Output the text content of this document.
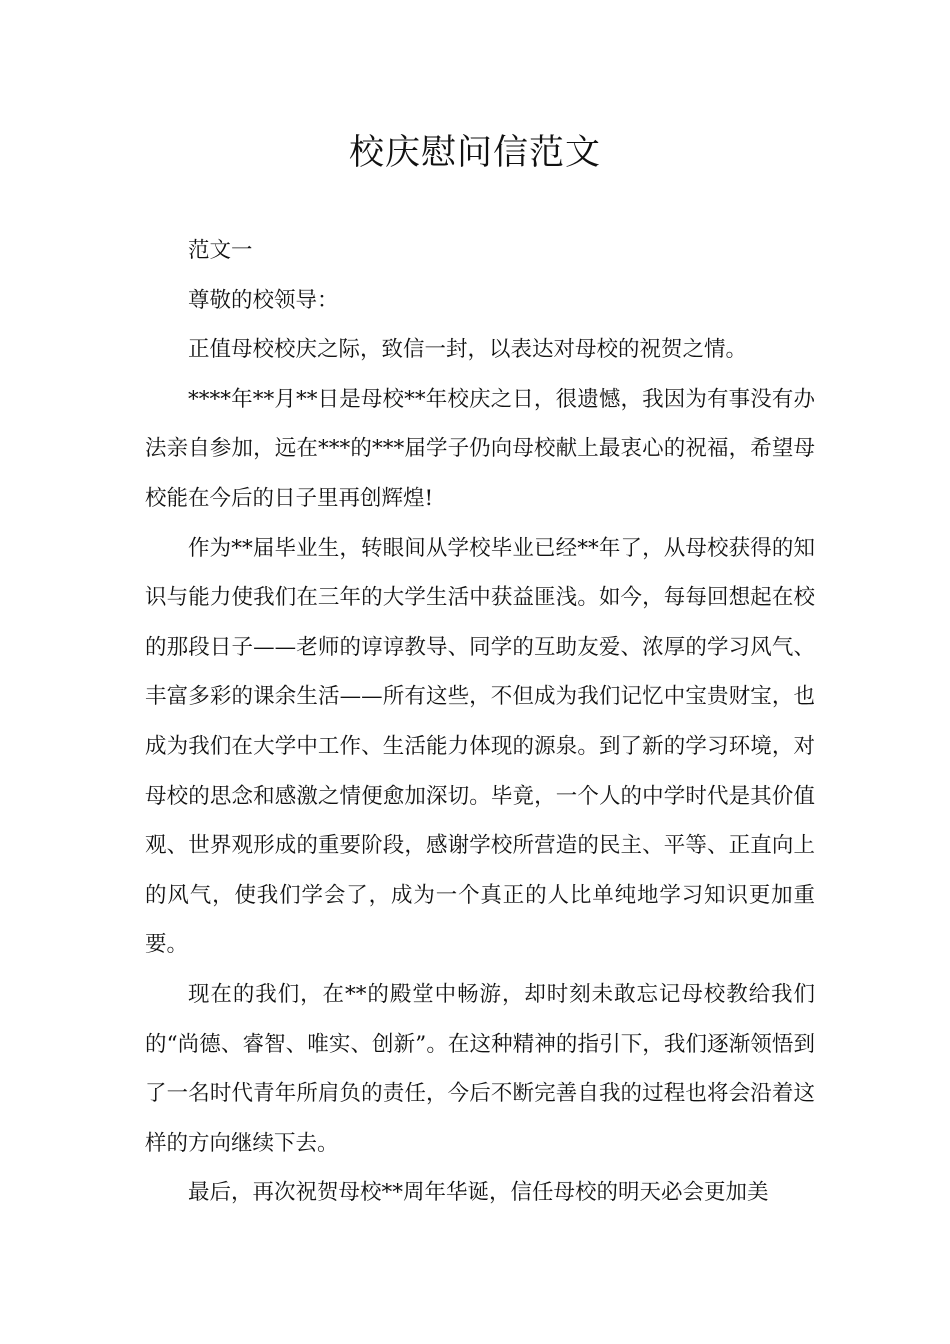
校庆慰问信范文

范文一

尊敬的校领导：

正值母校校庆之际，致信一封，以表达对母校的祝贺之情。

****年**月**日是母校**年校庆之日，很遗憾，我因为有事没有办法亲自参加，远在***的***届学子仍向母校献上最衷心的祝福，希望母校能在今后的日子里再创辉煌!

作为**届毕业生，转眼间从学校毕业已经**年了，从母校获得的知识与能力使我们在三年的大学生活中获益匪浅。如今，每每回想起在校的那段日子——老师的谆谆教导、同学的互助友爱、浓厚的学习风气、丰富多彩的课余生活——所有这些，不但成为我们记忆中宝贵财宝，也成为我们在大学中工作、生活能力体现的源泉。到了新的学习环境，对母校的思念和感激之情便愈加深切。毕竟，一个人的中学时代是其价值观、世界观形成的重要阶段，感谢学校所营造的民主、平等、正直向上的风气，使我们学会了，成为一个真正的人比单纯地学习知识更加重要。

现在的我们，在**的殿堂中畅游，却时刻未敢忘记母校教给我们的“尚德、睿智、唯实、创新”。在这种精神的指引下，我们逐渐领悟到了一名时代青年所肩负的责任，今后不断完善自我的过程也将会沿着这样的方向继续下去。

最后，再次祝贺母校**周年华诞，信任母校的明天必会更加美
